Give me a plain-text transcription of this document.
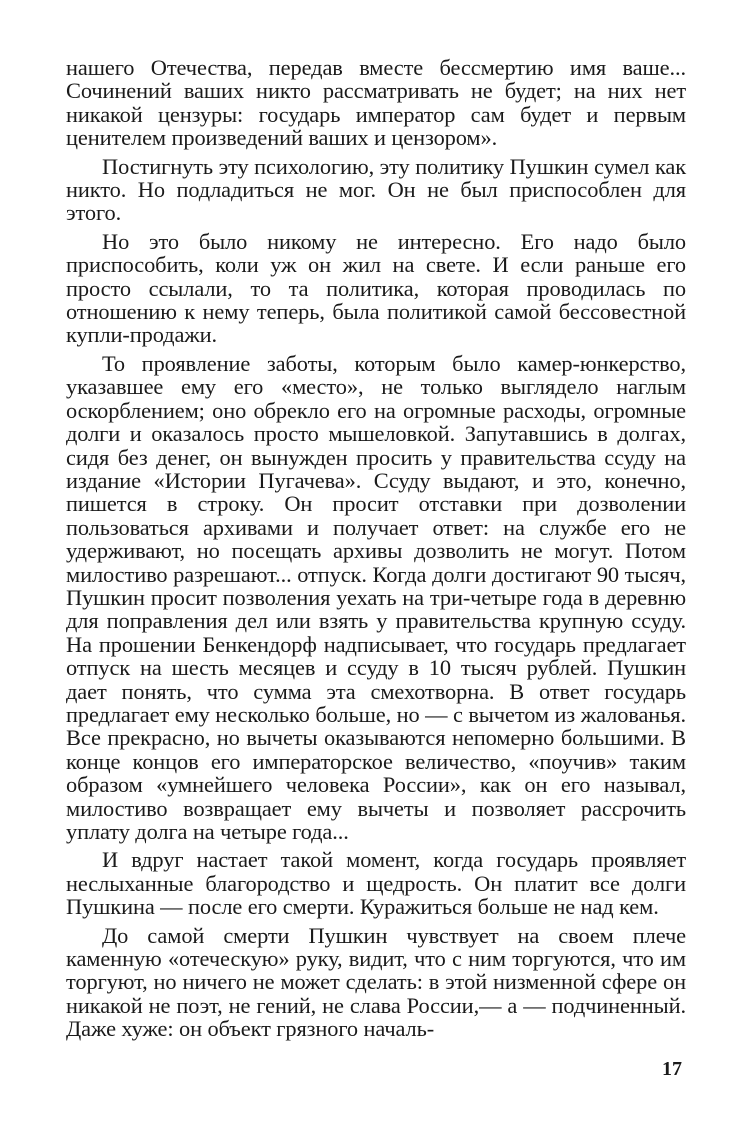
нашего Отечества, передав вместе бессмертию имя ваше... Сочинений ваших никто рассматривать не будет; на них нет никакой цензуры: государь император сам будет и первым ценителем произведений ваших и цензором».

Постигнуть эту психологию, эту политику Пушкин сумел как никто. Но подладиться не мог. Он не был приспособлен для этого.

Но это было никому не интересно. Его надо было приспособить, коли уж он жил на свете. И если раньше его просто ссылали, то та политика, которая проводилась по отношению к нему теперь, была политикой самой бессовестной купли-продажи.

То проявление заботы, которым было камер-юнкерство, указавшее ему его «место», не только выглядело наглым оскорблением; оно обрекло его на огромные расходы, огромные долги и оказалось просто мышеловкой. Запутавшись в долгах, сидя без денег, он вынужден просить у правительства ссуду на издание «Истории Пугачева». Ссуду выдают, и это, конечно, пишется в строку. Он просит отставки при дозволении пользоваться архивами и получает ответ: на службе его не удерживают, но посещать архивы дозволить не могут. Потом милостиво разрешают... отпуск. Когда долги достигают 90 тысяч, Пушкин просит позволения уехать на три-четыре года в деревню для поправления дел или взять у правительства крупную ссуду. На прошении Бенкендорф надписывает, что государь предлагает отпуск на шесть месяцев и ссуду в 10 тысяч рублей. Пушкин дает понять, что сумма эта смехотворна. В ответ государь предлагает ему несколько больше, но — с вычетом из жалованья. Все прекрасно, но вычеты оказываются непомерно большими. В конце концов его императорское величество, «поучив» таким образом «умнейшего человека России», как он его называл, милостиво возвращает ему вычеты и позволяет рассрочить уплату долга на четыре года...

И вдруг настает такой момент, когда государь проявляет неслыханные благородство и щедрость. Он платит все долги Пушкина — после его смерти. Куражиться больше не над кем.

До самой смерти Пушкин чувствует на своем плече каменную «отеческую» руку, видит, что с ним торгуются, что им торгуют, но ничего не может сделать: в этой низменной сфере он никакой не поэт, не гений, не слава России,— а — подчиненный. Даже хуже: он объект грязного началь-

17
